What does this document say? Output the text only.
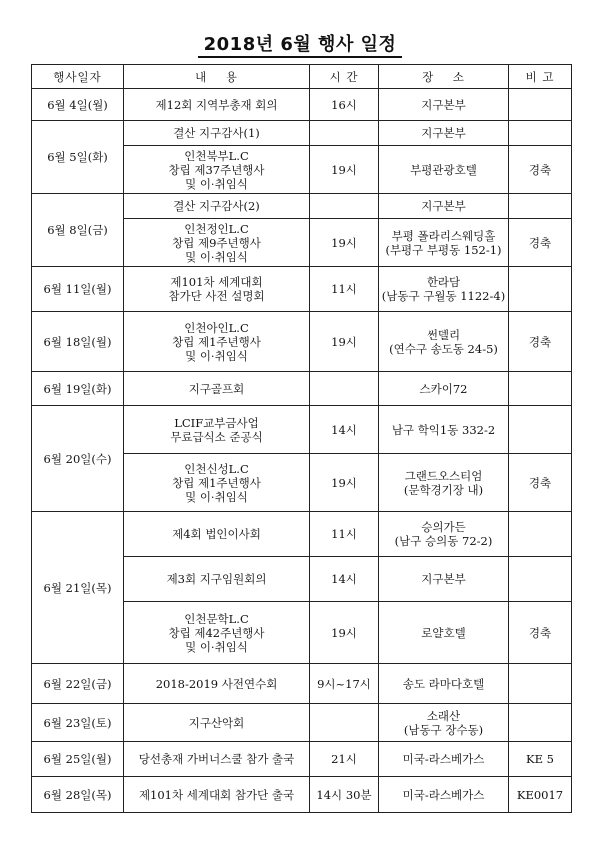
2018년 6월 행사 일정
행사일자	내    용	시 간	장    소	비 고
6월 4일(월)	제12회 지역부총재 회의	16시	지구본부	

6월 5일(화)	결산 지구감사(1)		지구본부	

	인천북부L.C
창립 제37주년행사
및 이·취임식	19시	부평관광호텔	경축
6월 8일(금)	결산 지구감사(2)		지구본부	

	인천정인L.C
창립 제9주년행사
및 이·취임식	19시	부평 폴라리스웨딩홀
(부평구 부평동 152-1)	경축
6월 11일(월)	제101차 세계대회
참가단 사전 설명회	11시	한라담
(남동구 구월동 1122-4)	

6월 18일(월)	인천아인L.C
창립 제1주년행사
및 이·취임식	19시	썬델리
(연수구 송도동 24-5)	경축
6월 19일(화)	지구골프회		스카이72	

6월 20일(수)	LCIF교부금사업
무료급식소 준공식	14시	남구 학익1동 332-2	

	인천신성L.C
창립 제1주년행사
및 이·취임식	19시	그랜드오스티엄
(문학경기장 내)	경축
6월 21일(목)	제4회 법인이사회	11시	승의가든
(남구 승의동 72-2)	

	제3회 지구임원회의	14시	지구본부	

	인천문학L.C
창립 제42주년행사
및 이·취임식	19시	로얄호텔	경축
6월 22일(금)	2018-2019 사전연수회	9시~17시	송도 라마다호텔	

6월 23일(토)	지구산악회		소래산
(남동구 장수동)	

6월 25일(월)	당선총재 가버너스쿨 참가 출국	21시	미국-라스베가스	KE 5
6월 28일(목)	제101차 세계대회 참가단 출국	14시 30분	미국-라스베가스	KE0017
